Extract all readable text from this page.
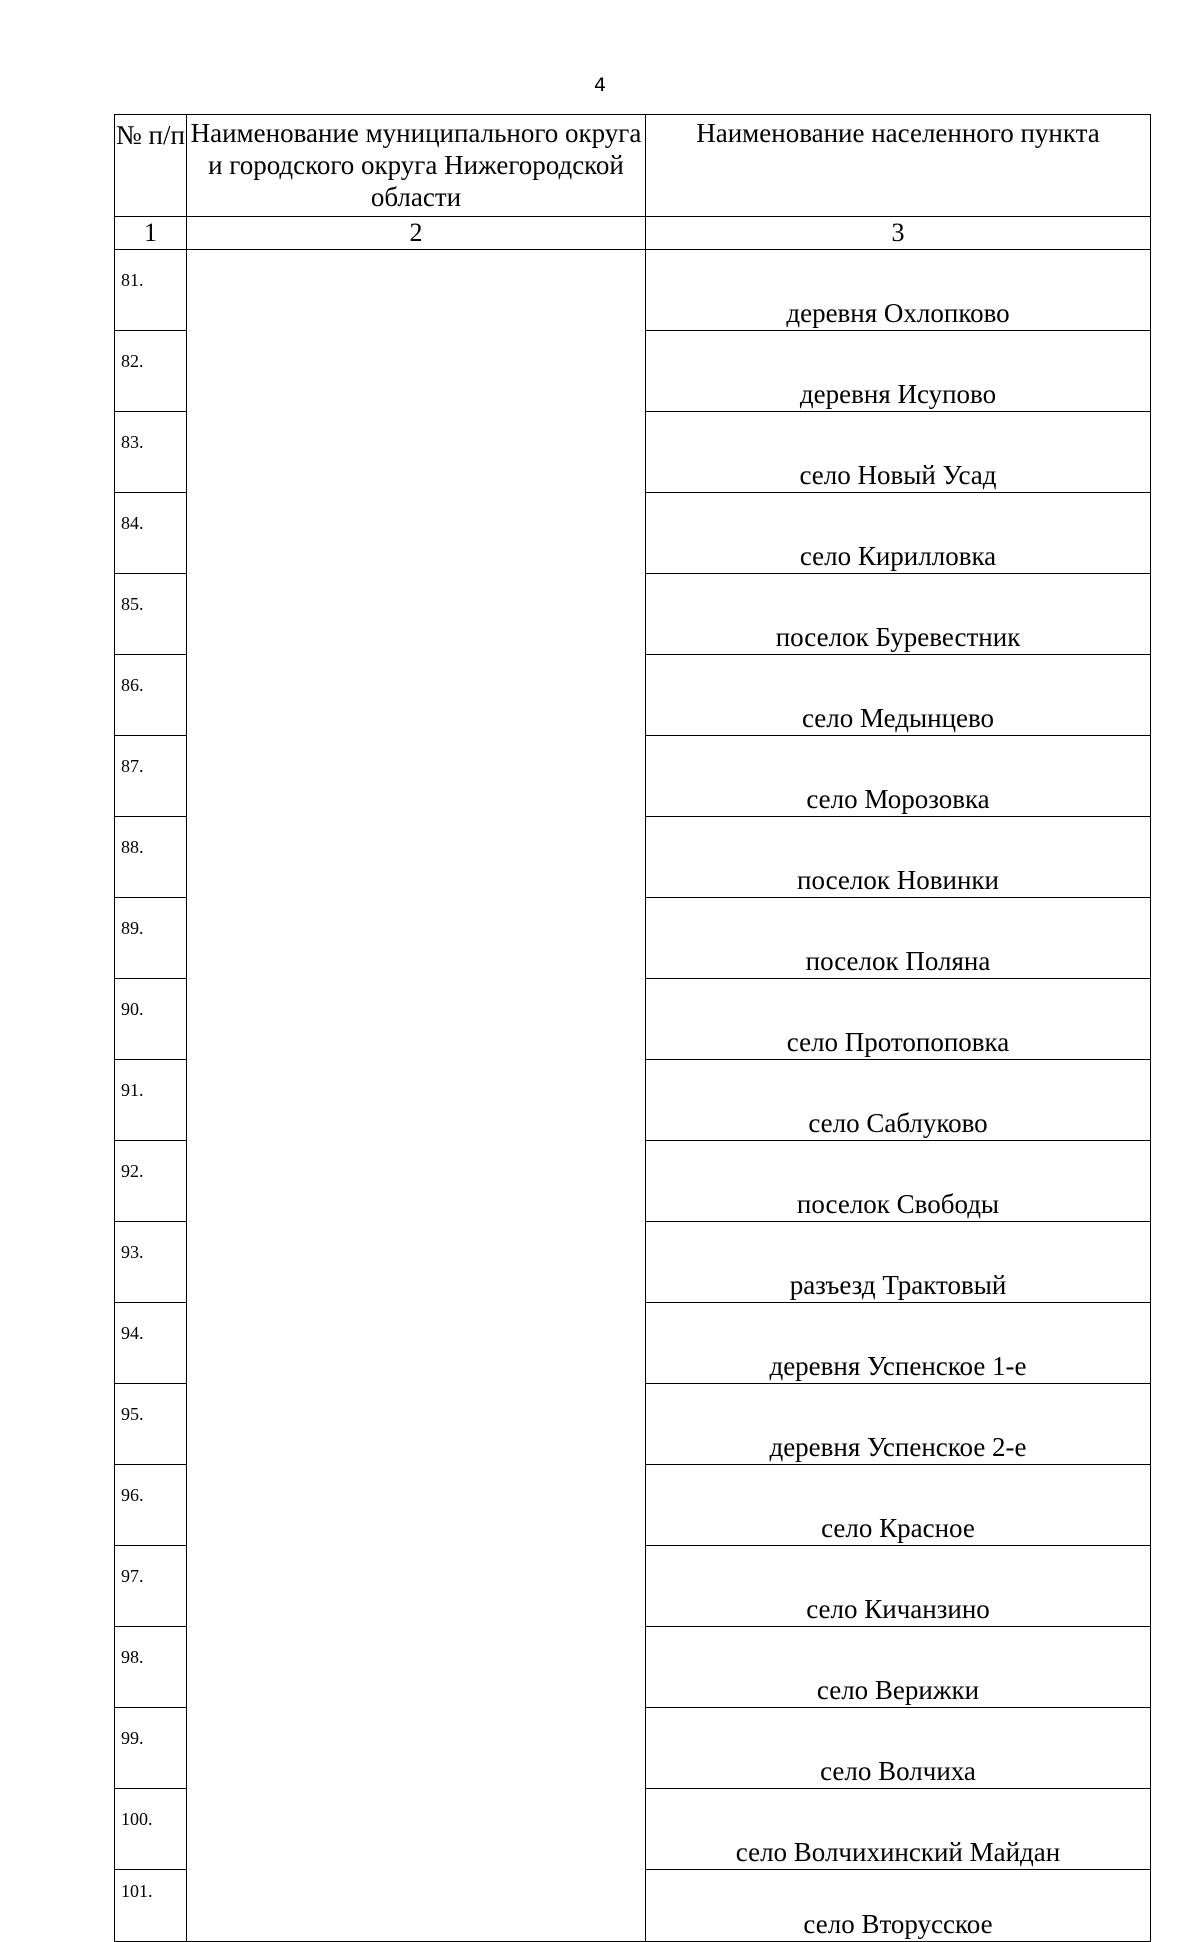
4
№ п/п	Наименование муниципального округа и городского округа Нижегородской области	Наименование населенного пункта
1	2	3
81.		деревня Охлопково
82.		деревня Исупово
83.		село Новый Усад
84.		село Кирилловка
85.		поселок Буревестник
86.		село Медынцево
87.		село Морозовка
88.		поселок Новинки
89.		поселок Поляна
90.		село Протопоповка
91.		село Саблуково
92.		поселок Свободы
93.		разъезд Трактовый
94.		деревня Успенское 1-е
95.		деревня Успенское 2-е
96.		село Красное
97.		село Кичанзино
98.		село Верижки
99.		село Волчиха
100.		село Волчихинский Майдан
101.		село Вторусское
